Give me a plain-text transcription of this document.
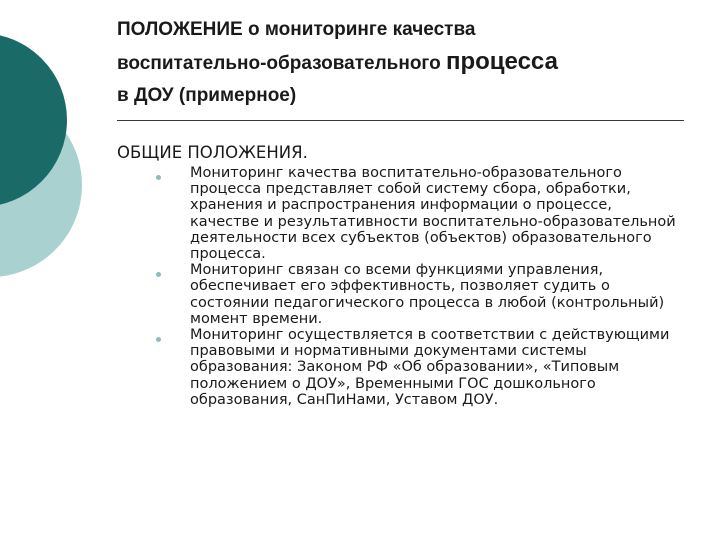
ПОЛОЖЕНИЕ о мониторинге качества
воспитательно-образовательного процесса
в ДОУ (примерное)
ОБЩИЕ ПОЛОЖЕНИЯ.
Мониторинг качества воспитательно-образовательного процесса представляет собой систему сбора, обработки, хранения и распространения информации о процессе, качестве и результативности воспитательно-образовательной деятельности всех субъектов (объектов) образовательного процесса.
Мониторинг связан со всеми функциями управления, обеспечивает его эффективность, позволяет судить о состоянии педагогического процесса в любой (контрольный) момент времени.
Мониторинг осуществляется в соответствии с действующими правовыми и нормативными документами системы образования: Законом РФ «Об образовании», «Типовым положением о ДОУ», Временными ГОС дошкольного образования, СанПиНами, Уставом ДОУ.
